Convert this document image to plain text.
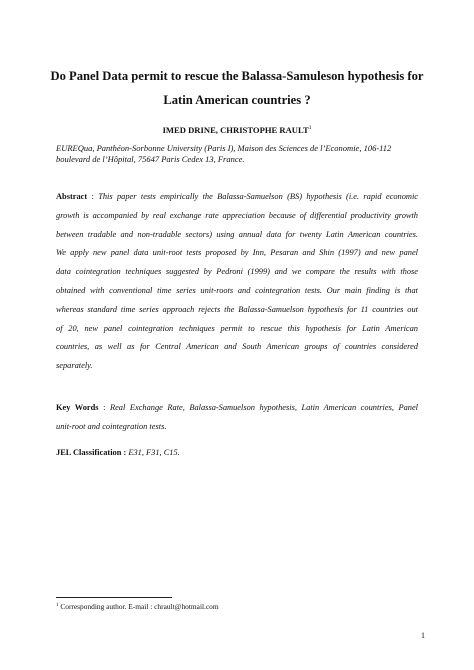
Do Panel Data permit to rescue the Balassa-Samuleson hypothesis for
Latin American countries ?
IMED DRINE, CHRISTOPHE RAULT$^1$
EUREQua, Panthéon-Sorbonne University (Paris I), Maison des Sciences de l’Economie, 106-112
boulevard de l’Hôpital, 75647 Paris Cedex 13, France.
Abstract : This paper tests empirically the Balassa-Samuelson (BS) hypothesis (i.e. rapid economic
growth is accompanied by real exchange rate appreciation because of differential productivity growth
between tradable and non-tradable sectors) using annual data for twenty Latin American countries.
We apply new panel data unit-root tests proposed by Inn, Pesaran and Shin (1997) and new panel
data cointegration techniques suggested by Pedroni (1999) and we compare the results with those
obtained with conventional time series unit-roots and cointegration tests. Our main finding is that
whereas standard time series approach rejects the Balassa-Samuelson hypothesis for 11 countries out
of 20, new panel cointegration techniques permit to rescue this hypothesis for Latin American
countries, as well as for Central American and South American groups of countries considered
separately.
Key Words : Real Exchange Rate, Balassa-Samuelson hypothesis, Latin American countries, Panel
unit-root and cointegration tests.
JEL Classification : E31, F31, C15.
$^1$ Corresponding author. E-mail : chrault@hotmail.com
1
